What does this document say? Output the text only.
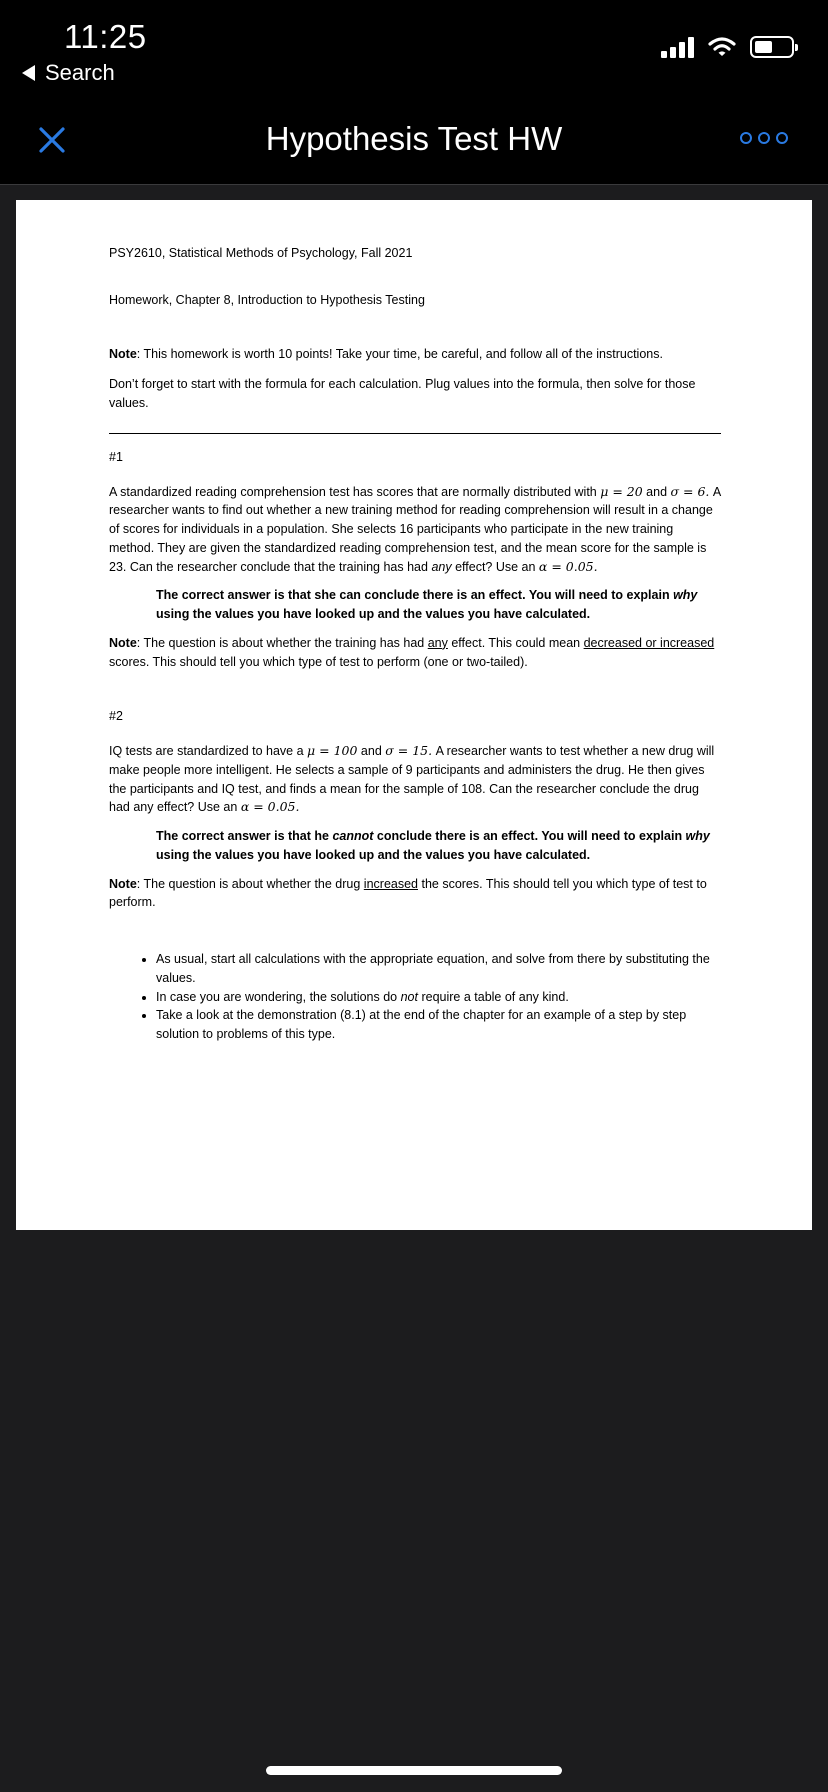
11:25
Search
Hypothesis Test HW

PSY2610, Statistical Methods of Psychology, Fall 2021

Homework, Chapter 8, Introduction to Hypothesis Testing

Note: This homework is worth 10 points! Take your time, be careful, and follow all of the instructions.

Don’t forget to start with the formula for each calculation. Plug values into the formula, then solve for those values.

#1

A standardized reading comprehension test has scores that are normally distributed with μ = 20 and σ = 6. A researcher wants to find out whether a new training method for reading comprehension will result in a change of scores for individuals in a population. She selects 16 participants who participate in the new training method. They are given the standardized reading comprehension test, and the mean score for the sample is 23. Can the researcher conclude that the training has had any effect? Use an α = 0.05.

The correct answer is that she can conclude there is an effect. You will need to explain why using the values you have looked up and the values you have calculated.

Note: The question is about whether the training has had any effect. This could mean decreased or increased scores. This should tell you which type of test to perform (one or two-tailed).

#2

IQ tests are standardized to have a μ = 100 and σ = 15. A researcher wants to test whether a new drug will make people more intelligent. He selects a sample of 9 participants and administers the drug. He then gives the participants and IQ test, and finds a mean for the sample of 108. Can the researcher conclude the drug had any effect? Use an α = 0.05.

The correct answer is that he cannot conclude there is an effect. You will need to explain why using the values you have looked up and the values you have calculated.

Note: The question is about whether the drug increased the scores. This should tell you which type of test to perform.

• As usual, start all calculations with the appropriate equation, and solve from there by substituting the values.
• In case you are wondering, the solutions do not require a table of any kind.
• Take a look at the demonstration (8.1) at the end of the chapter for an example of a step by step solution to problems of this type.
